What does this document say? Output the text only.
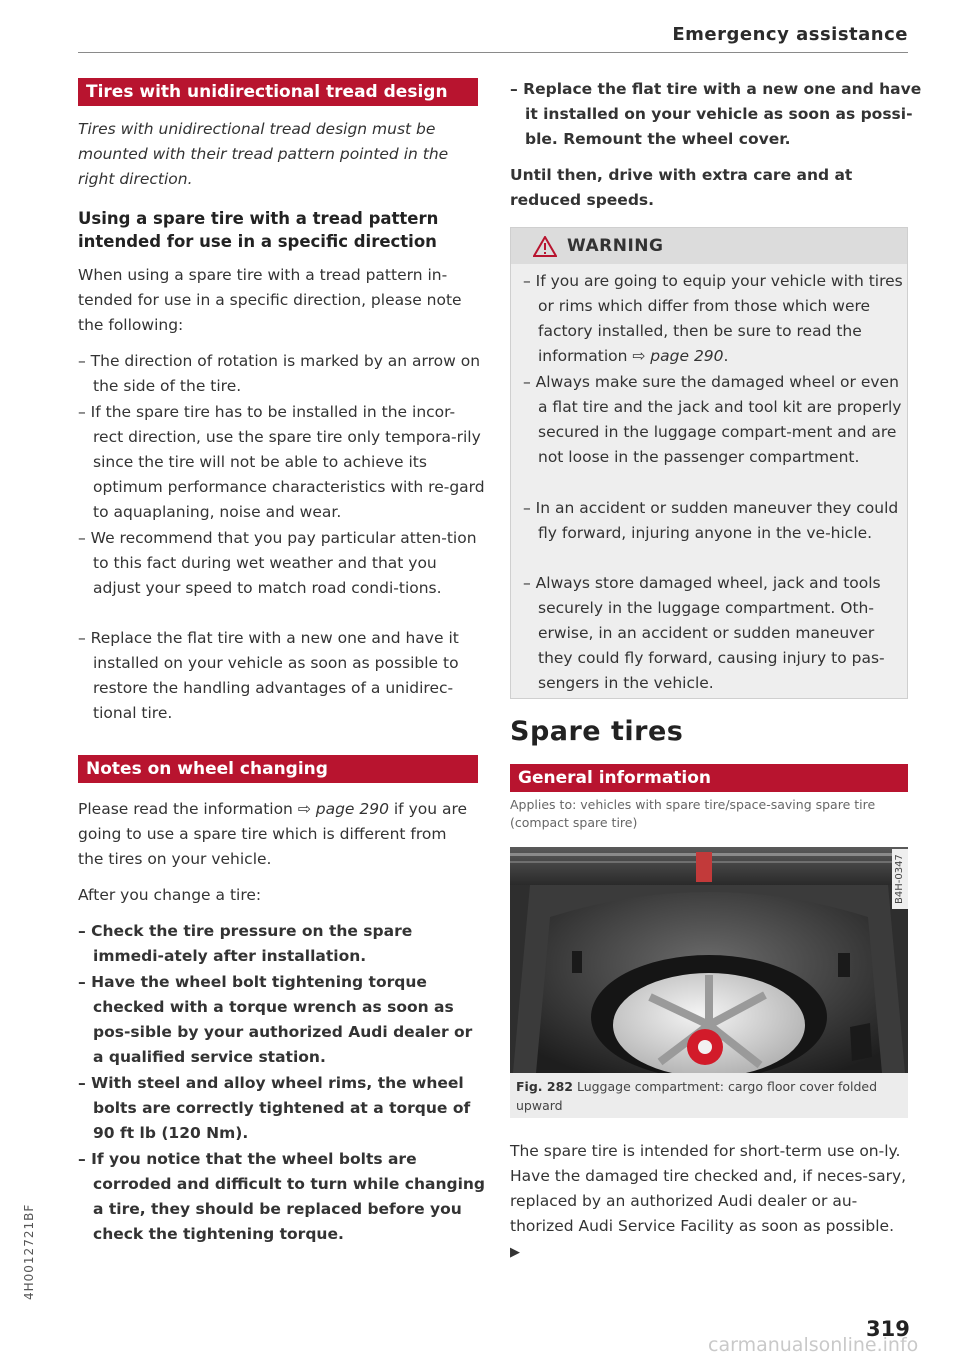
Emergency assistance
Tires with unidirectional tread design
Tires with unidirectional tread design must be mounted with their tread pattern pointed in the right direction.
Using a spare tire with a tread pattern intended for use in a specific direction
When using a spare tire with a tread pattern in-tended for use in a specific direction, please note the following:
– The direction of rotation is marked by an arrow on the side of the tire.
– If the spare tire has to be installed in the incor-rect direction, use the spare tire only tempora-rily since the tire will not be able to achieve its optimum performance characteristics with re-gard to aquaplaning, noise and wear.
– We recommend that you pay particular atten-tion to this fact during wet weather and that you adjust your speed to match road condi-tions.
– Replace the flat tire with a new one and have it installed on your vehicle as soon as possible to restore the handling advantages of a unidirec-tional tire.
Notes on wheel changing
Please read the information ⇨ page 290 if you are going to use a spare tire which is different from the tires on your vehicle.
After you change a tire:
– Check the tire pressure on the spare immedi-ately after installation.
– Have the wheel bolt tightening torque checked with a torque wrench as soon as pos-sible by your authorized Audi dealer or a qualified service station.
– With steel and alloy wheel rims, the wheel bolts are correctly tightened at a torque of 90 ft lb (120 Nm).
– If you notice that the wheel bolts are corroded and difficult to turn while changing a tire, they should be replaced before you check the tightening torque.
– Replace the flat tire with a new one and have it installed on your vehicle as soon as possi-ble. Remount the wheel cover.
Until then, drive with extra care and at reduced speeds.
WARNING
– If you are going to equip your vehicle with tires or rims which differ from those which were factory installed, then be sure to read the information ⇨ page 290.
– Always make sure the damaged wheel or even a flat tire and the jack and tool kit are properly secured in the luggage compart-ment and are not loose in the passenger compartment.
– In an accident or sudden maneuver they could fly forward, injuring anyone in the ve-hicle.
– Always store damaged wheel, jack and tools securely in the luggage compartment. Oth-erwise, in an accident or sudden maneuver they could fly forward, causing injury to pas-sengers in the vehicle.
Spare tires
General information
Applies to: vehicles with spare tire/space-saving spare tire (compact spare tire)
B4H-0347
Fig. 282 Luggage compartment: cargo floor cover folded upward
The spare tire is intended for short-term use on-ly. Have the damaged tire checked and, if neces-sary, replaced by an authorized Audi dealer or au-thorized Audi Service Facility as soon as possible. ▶
319
4H0012721BF
carmanualsonline.info
